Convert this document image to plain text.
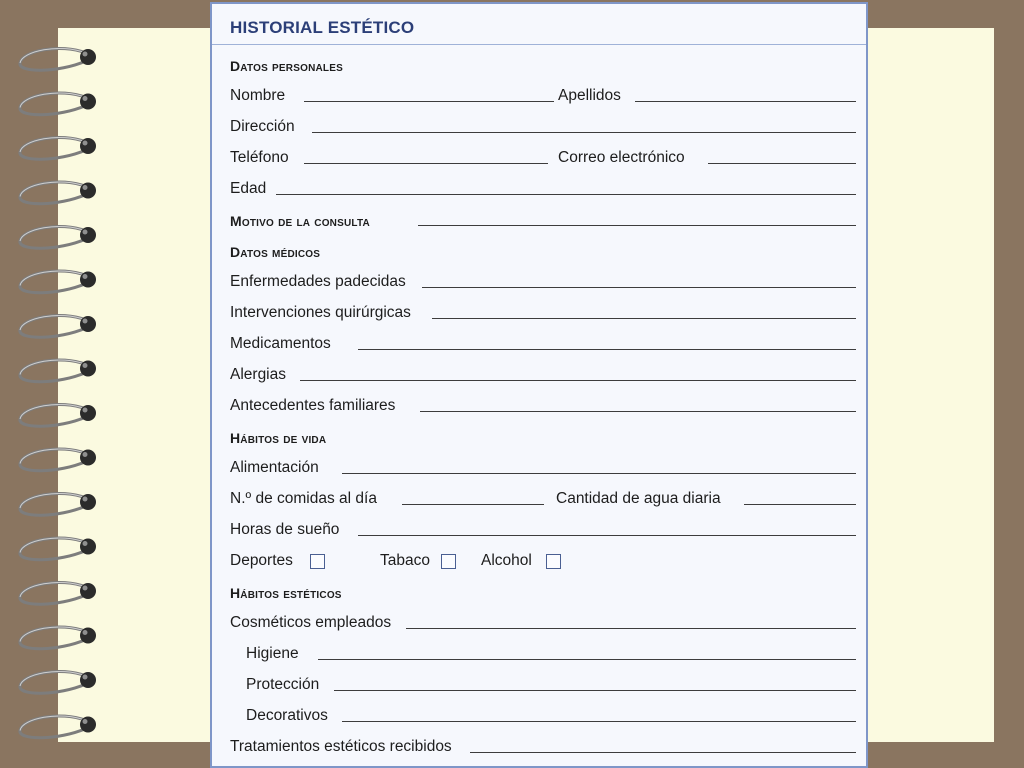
HISTORIAL ESTÉTICO
Datos personales
Nombre	Apellidos
Dirección
Teléfono	Correo electrónico
Edad
Motivo de la consulta
Datos médicos
Enfermedades padecidas
Intervenciones quirúrgicas
Medicamentos
Alergias
Antecedentes familiares
Hábitos de vida
Alimentación
N.º de comidas al día	Cantidad de agua diaria
Horas de sueño
Deportes	Tabaco	Alcohol
Hábitos estéticos
Cosméticos empleados
Higiene
Protección
Decorativos
Tratamientos estéticos recibidos
